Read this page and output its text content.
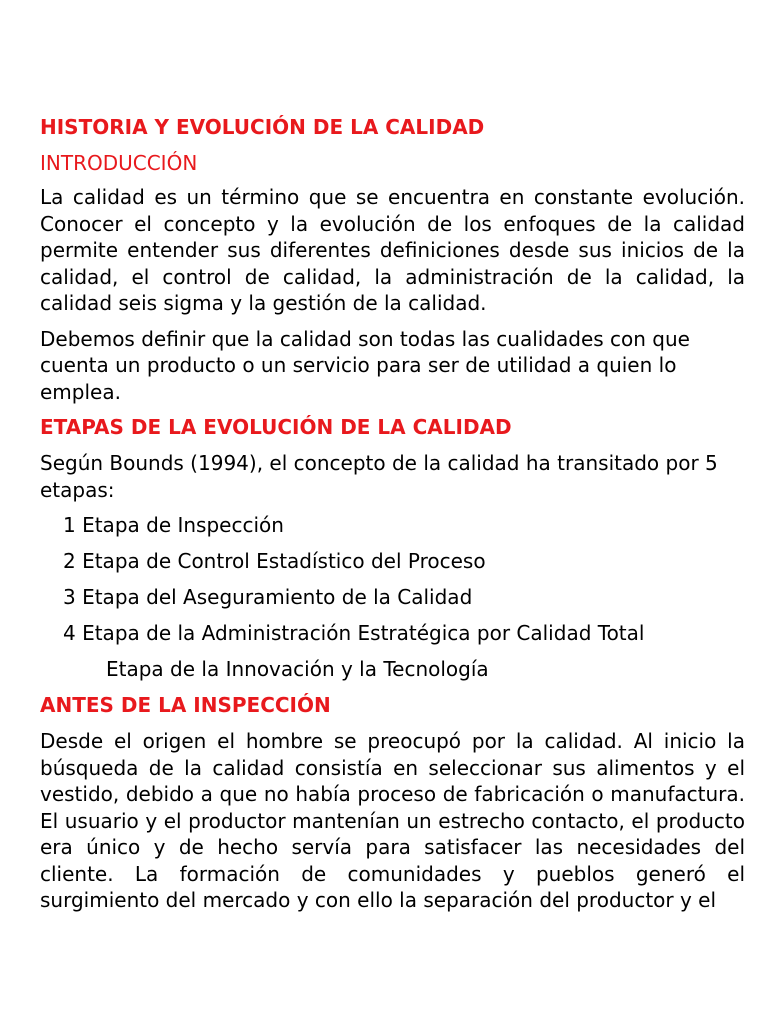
HISTORIA Y EVOLUCIÓN DE LA CALIDAD
INTRODUCCIÓN
La calidad es un término que se encuentra en constante evolución. Conocer el concepto y la evolución de los enfoques de la calidad permite entender sus diferentes definiciones desde sus inicios de la calidad, el control de calidad, la administración de la calidad, la calidad seis sigma y la gestión de la calidad.
Debemos definir que la calidad son todas las cualidades con que cuenta un producto o un servicio para ser de utilidad a quien lo emplea.
ETAPAS DE LA EVOLUCIÓN DE LA CALIDAD
Según Bounds (1994), el concepto de la calidad ha transitado por 5 etapas:
1 Etapa de Inspección
2 Etapa de Control Estadístico del Proceso
3 Etapa del Aseguramiento de la Calidad
4 Etapa de la Administración Estratégica por Calidad Total
Etapa de la Innovación y la Tecnología
ANTES DE LA INSPECCIÓN
Desde el origen el hombre se preocupó por la calidad. Al inicio la búsqueda de la calidad consistía en seleccionar sus alimentos y el vestido, debido a que no había proceso de fabricación o manufactura. El usuario y el productor mantenían un estrecho contacto, el producto era único y de hecho servía para satisfacer las necesidades del cliente. La formación de comunidades y pueblos generó el surgimiento del mercado y con ello la separación del productor y el
